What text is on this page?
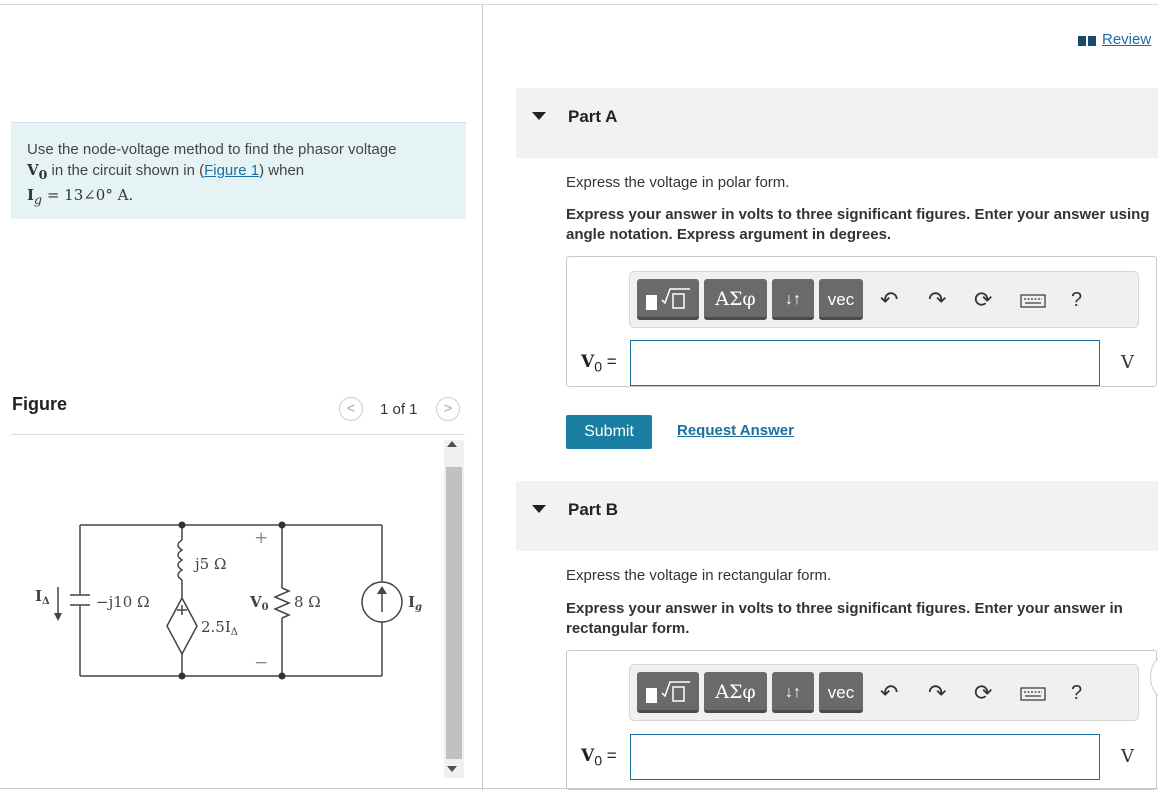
Use the node-voltage method to find the phasor voltage
$V_0$ in the circuit shown in (Figure 1) when
$I_g$ = 13∠0° A.
Figure	<	1 of 1	>
$I_\Delta$	−j10 Ω
j5 Ω
$2.5I_\Delta$
$V_0$ 8 Ω	$I_g$
+
−
Review
Part A
Express the voltage in polar form.
Express your answer in volts to three significant figures. Enter your answer using angle notation. Express argument in degrees.
ΑΣφ	↓↑	vec	↶ ↷ ⟳	?
$V_0$ =	V
Submit	Request Answer
Part B
Express the voltage in rectangular form.
Express your answer in volts to three significant figures. Enter your answer in rectangular form.
ΑΣφ	↓↑	vec	↶ ↷ ⟳	?
$V_0$ =	V
